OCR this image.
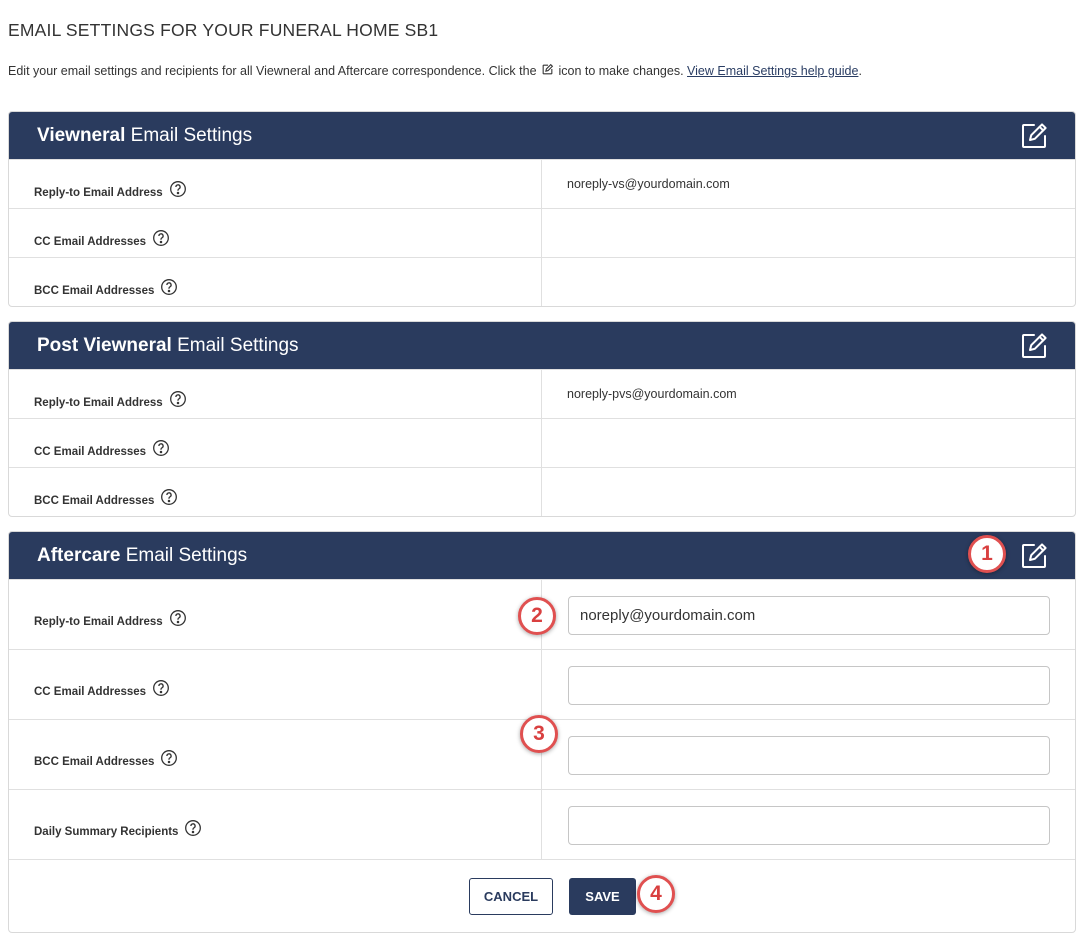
EMAIL SETTINGS FOR YOUR FUNERAL HOME SB1
Edit your email settings and recipients for all Viewneral and Aftercare correspondence. Click the  icon to make changes. View Email Settings help guide.
Viewneral Email Settings
Reply-to Email Address
noreply-vs@yourdomain.com
CC Email Addresses
BCC Email Addresses
Post Viewneral Email Settings
Reply-to Email Address
noreply-pvs@yourdomain.com
CC Email Addresses
BCC Email Addresses
Aftercare Email Settings
Reply-to Email Address
noreply@yourdomain.com
CC Email Addresses
BCC Email Addresses
Daily Summary Recipients
CANCEL	SAVE
1
2
3
4
